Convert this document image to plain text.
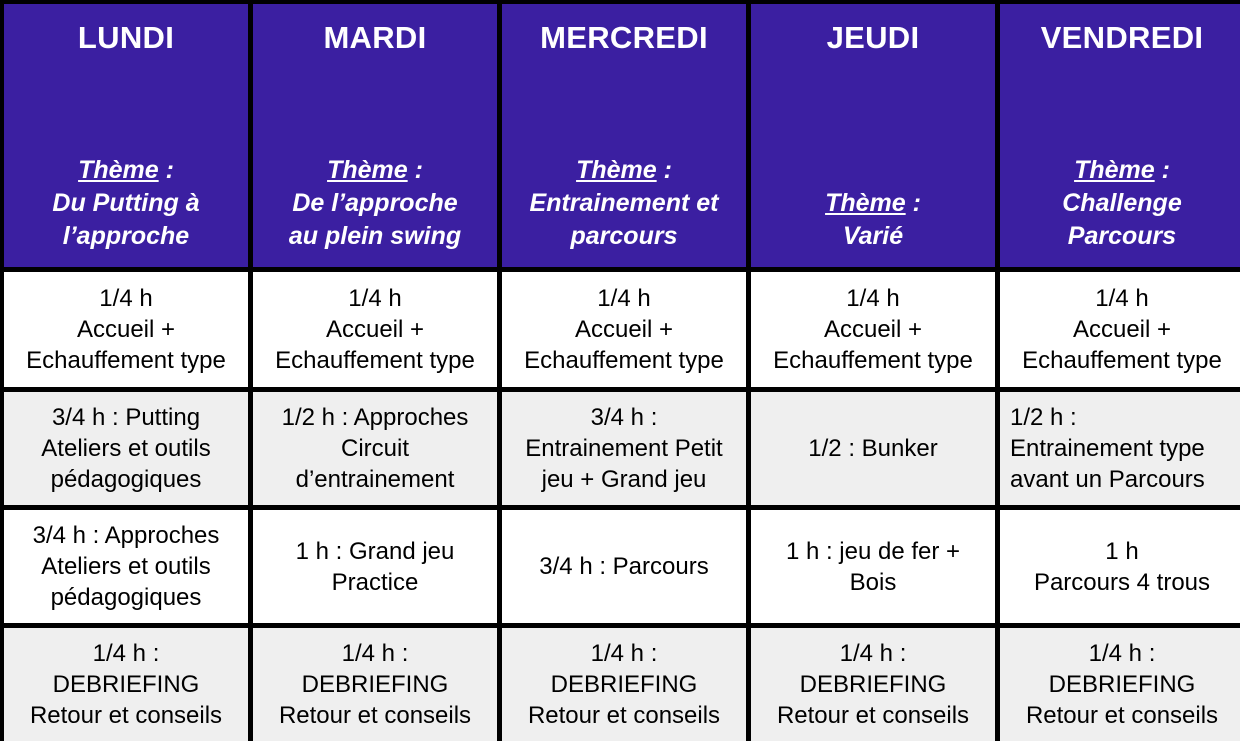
LUNDI
Thème :
Du Putting à
l’approche
MARDI
Thème :
De l’approche
au plein swing
MERCREDI
Thème :
Entrainement et
parcours
JEUDI
Thème :
Varié
VENDREDI
Thème :
Challenge
Parcours
1/4 h
Accueil +
Echauffement type
1/4 h
Accueil +
Echauffement type
1/4 h
Accueil +
Echauffement type
1/4 h
Accueil +
Echauffement type
1/4 h
Accueil +
Echauffement type
3/4 h : Putting
Ateliers et outils
pédagogiques
1/2 h : Approches
Circuit
d’entrainement
3/4 h :
Entrainement Petit
jeu + Grand jeu
1/2 : Bunker
1/2 h :
Entrainement type
avant un Parcours
3/4 h : Approches
Ateliers et outils
pédagogiques
1 h : Grand jeu
Practice
3/4 h : Parcours
1 h : jeu de fer +
Bois
1 h
Parcours 4 trous
1/4 h :
DEBRIEFING
Retour et conseils
1/4 h :
DEBRIEFING
Retour et conseils
1/4 h :
DEBRIEFING
Retour et conseils
1/4 h :
DEBRIEFING
Retour et conseils
1/4 h :
DEBRIEFING
Retour et conseils
